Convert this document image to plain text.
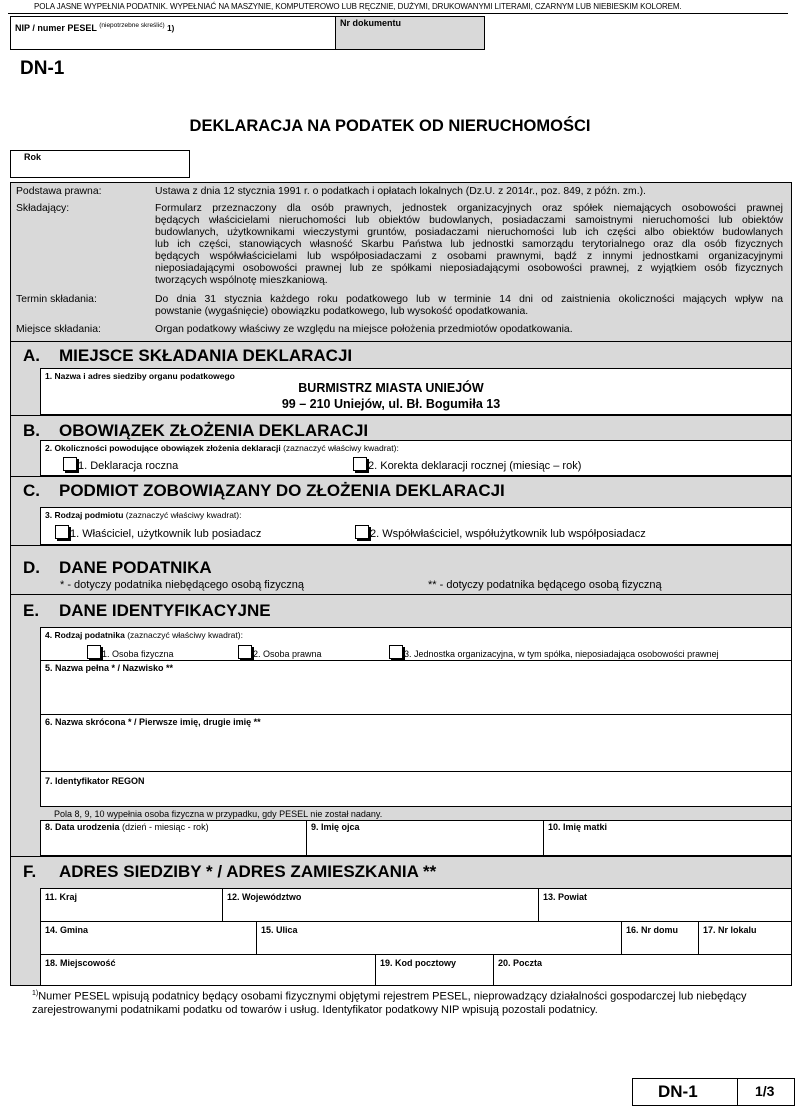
POLA JASNE WYPEŁNIA PODATNIK. WYPEŁNIAĆ NA MASZYNIE, KOMPUTEROWO LUB RĘCZNIE, DUŻYMI, DRUKOWANYMI LITERAMI, CZARNYM LUB NIEBIESKIM KOLOREM.
NIP / numer PESEL $^{(niepotrzebne skreślić)}$ 1)
Nr dokumentu
DN-1
DEKLARACJA NA PODATEK OD NIERUCHOMOŚCI
Rok
Podstawa prawna:	Ustawa z dnia 12 stycznia 1991 r. o podatkach i opłatach lokalnych (Dz.U. z 2014r., poz. 849, z późn. zm.).
Składający:	Formularz przeznaczony dla osób prawnych, jednostek organizacyjnych oraz spółek niemających osobowości prawnej
będących właścicielami nieruchomości lub obiektów budowlanych, posiadaczami samoistnymi nieruchomości lub obiektów
budowlanych, użytkownikami wieczystymi gruntów, posiadaczami nieruchomości lub ich części albo obiektów budowlanych
lub ich części, stanowiących własność Skarbu Państwa lub jednostki samorządu terytorialnego oraz dla osób fizycznych
będących współwłaścicielami lub współposiadaczami z osobami prawnymi, bądź z innymi jednostkami organizacyjnymi
nieposiadającymi osobowości prawnej lub ze spółkami nieposiadającymi osobowości prawnej, z wyjątkiem osób fizycznych
tworzących wspólnotę mieszkaniową.
Termin składania:	Do dnia 31 stycznia każdego roku podatkowego lub w terminie 14 dni od zaistnienia okoliczności mających wpływ na
powstanie (wygaśnięcie) obowiązku podatkowego, lub wysokość opodatkowania.
Miejsce składania:	Organ podatkowy właściwy ze względu na miejsce położenia przedmiotów opodatkowania.
A. MIEJSCE SKŁADANIA DEKLARACJI
1. Nazwa i adres siedziby organu podatkowego
BURMISTRZ MIASTA UNIEJÓW
99 – 210 Uniejów, ul. Bł. Bogumiła 13
B. OBOWIĄZEK ZŁOŻENIA DEKLARACJI
2. Okoliczności powodujące obowiązek złożenia deklaracji (zaznaczyć właściwy kwadrat):
1. Deklaracja roczna	2. Korekta deklaracji rocznej (miesiąc – rok)
C. PODMIOT ZOBOWIĄZANY DO ZŁOŻENIA DEKLARACJI
3. Rodzaj podmiotu (zaznaczyć właściwy kwadrat):
1. Właściciel, użytkownik lub posiadacz	2. Współwłaściciel, współużytkownik lub współposiadacz
D. DANE PODATNIKA
* - dotyczy podatnika niebędącego osobą fizyczną	** - dotyczy podatnika będącego osobą fizyczną
E. DANE IDENTYFIKACYJNE
4. Rodzaj podatnika (zaznaczyć właściwy kwadrat):
1. Osoba fizyczna	2. Osoba prawna	3. Jednostka organizacyjna, w tym spółka, nieposiadająca osobowości prawnej
5. Nazwa pełna * / Nazwisko **
6. Nazwa skrócona * / Pierwsze imię, drugie imię **
7. Identyfikator REGON
Pola 8, 9, 10 wypełnia osoba fizyczna w przypadku, gdy PESEL nie został nadany.
8. Data urodzenia (dzień - miesiąc - rok)	9. Imię ojca	10. Imię matki
F. ADRES SIEDZIBY * / ADRES ZAMIESZKANIA **
11. Kraj	12. Województwo	13. Powiat
14. Gmina	15. Ulica	16. Nr domu	17. Nr lokalu
18. Miejscowość	19. Kod pocztowy	20. Poczta
$^{1)}$Numer PESEL wpisują podatnicy będący osobami fizycznymi objętymi rejestrem PESEL, nieprowadzący działalności gospodarczej lub niebędący
zarejestrowanymi podatnikami podatku od towarów i usług. Identyfikator podatkowy NIP wpisują pozostali podatnicy.
DN-1	1/3
